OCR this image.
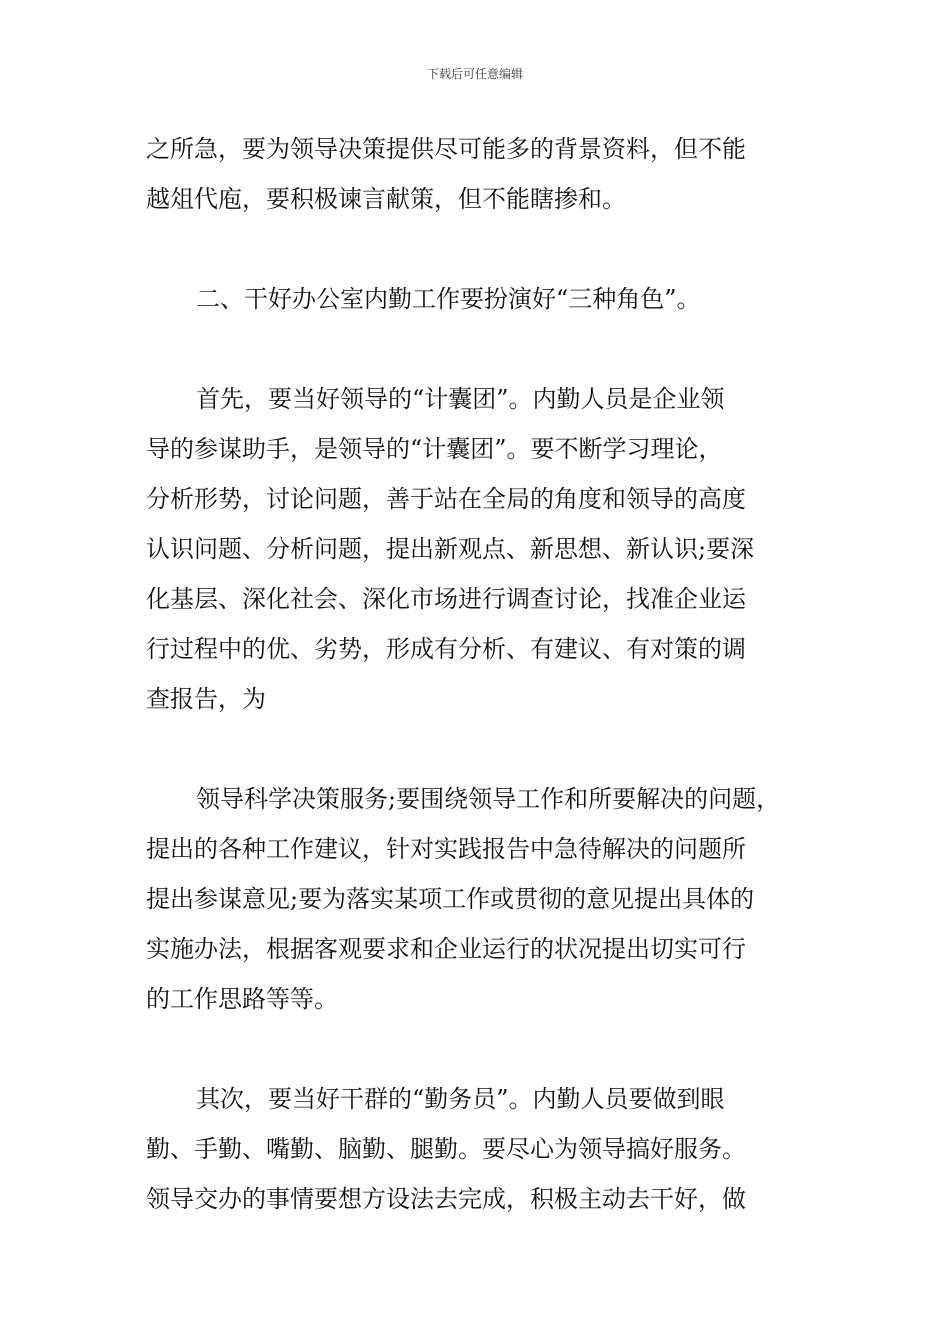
下载后可任意编辑

之所急，要为领导决策提供尽可能多的背景资料，但不能
越俎代庖，要积极谏言献策，但不能瞎掺和。

二、干好办公室内勤工作要扮演好“三种角色”。

首先，要当好领导的“计囊团”。内勤人员是企业领
导的参谋助手，是领导的“计囊团”。要不断学习理论，
分析形势，讨论问题，善于站在全局的角度和领导的高度
认识问题、分析问题，提出新观点、新思想、新认识;要深
化基层、深化社会、深化市场进行调查讨论，找准企业运
行过程中的优、劣势，形成有分析、有建议、有对策的调
查报告，为

领导科学决策服务;要围绕领导工作和所要解决的问题，
提出的各种工作建议，针对实践报告中急待解决的问题所
提出参谋意见;要为落实某项工作或贯彻的意见提出具体的
实施办法，根据客观要求和企业运行的状况提出切实可行
的工作思路等等。

其次，要当好干群的“勤务员”。内勤人员要做到眼
勤、手勤、嘴勤、脑勤、腿勤。要尽心为领导搞好服务。
领导交办的事情要想方设法去完成，积极主动去干好，做
